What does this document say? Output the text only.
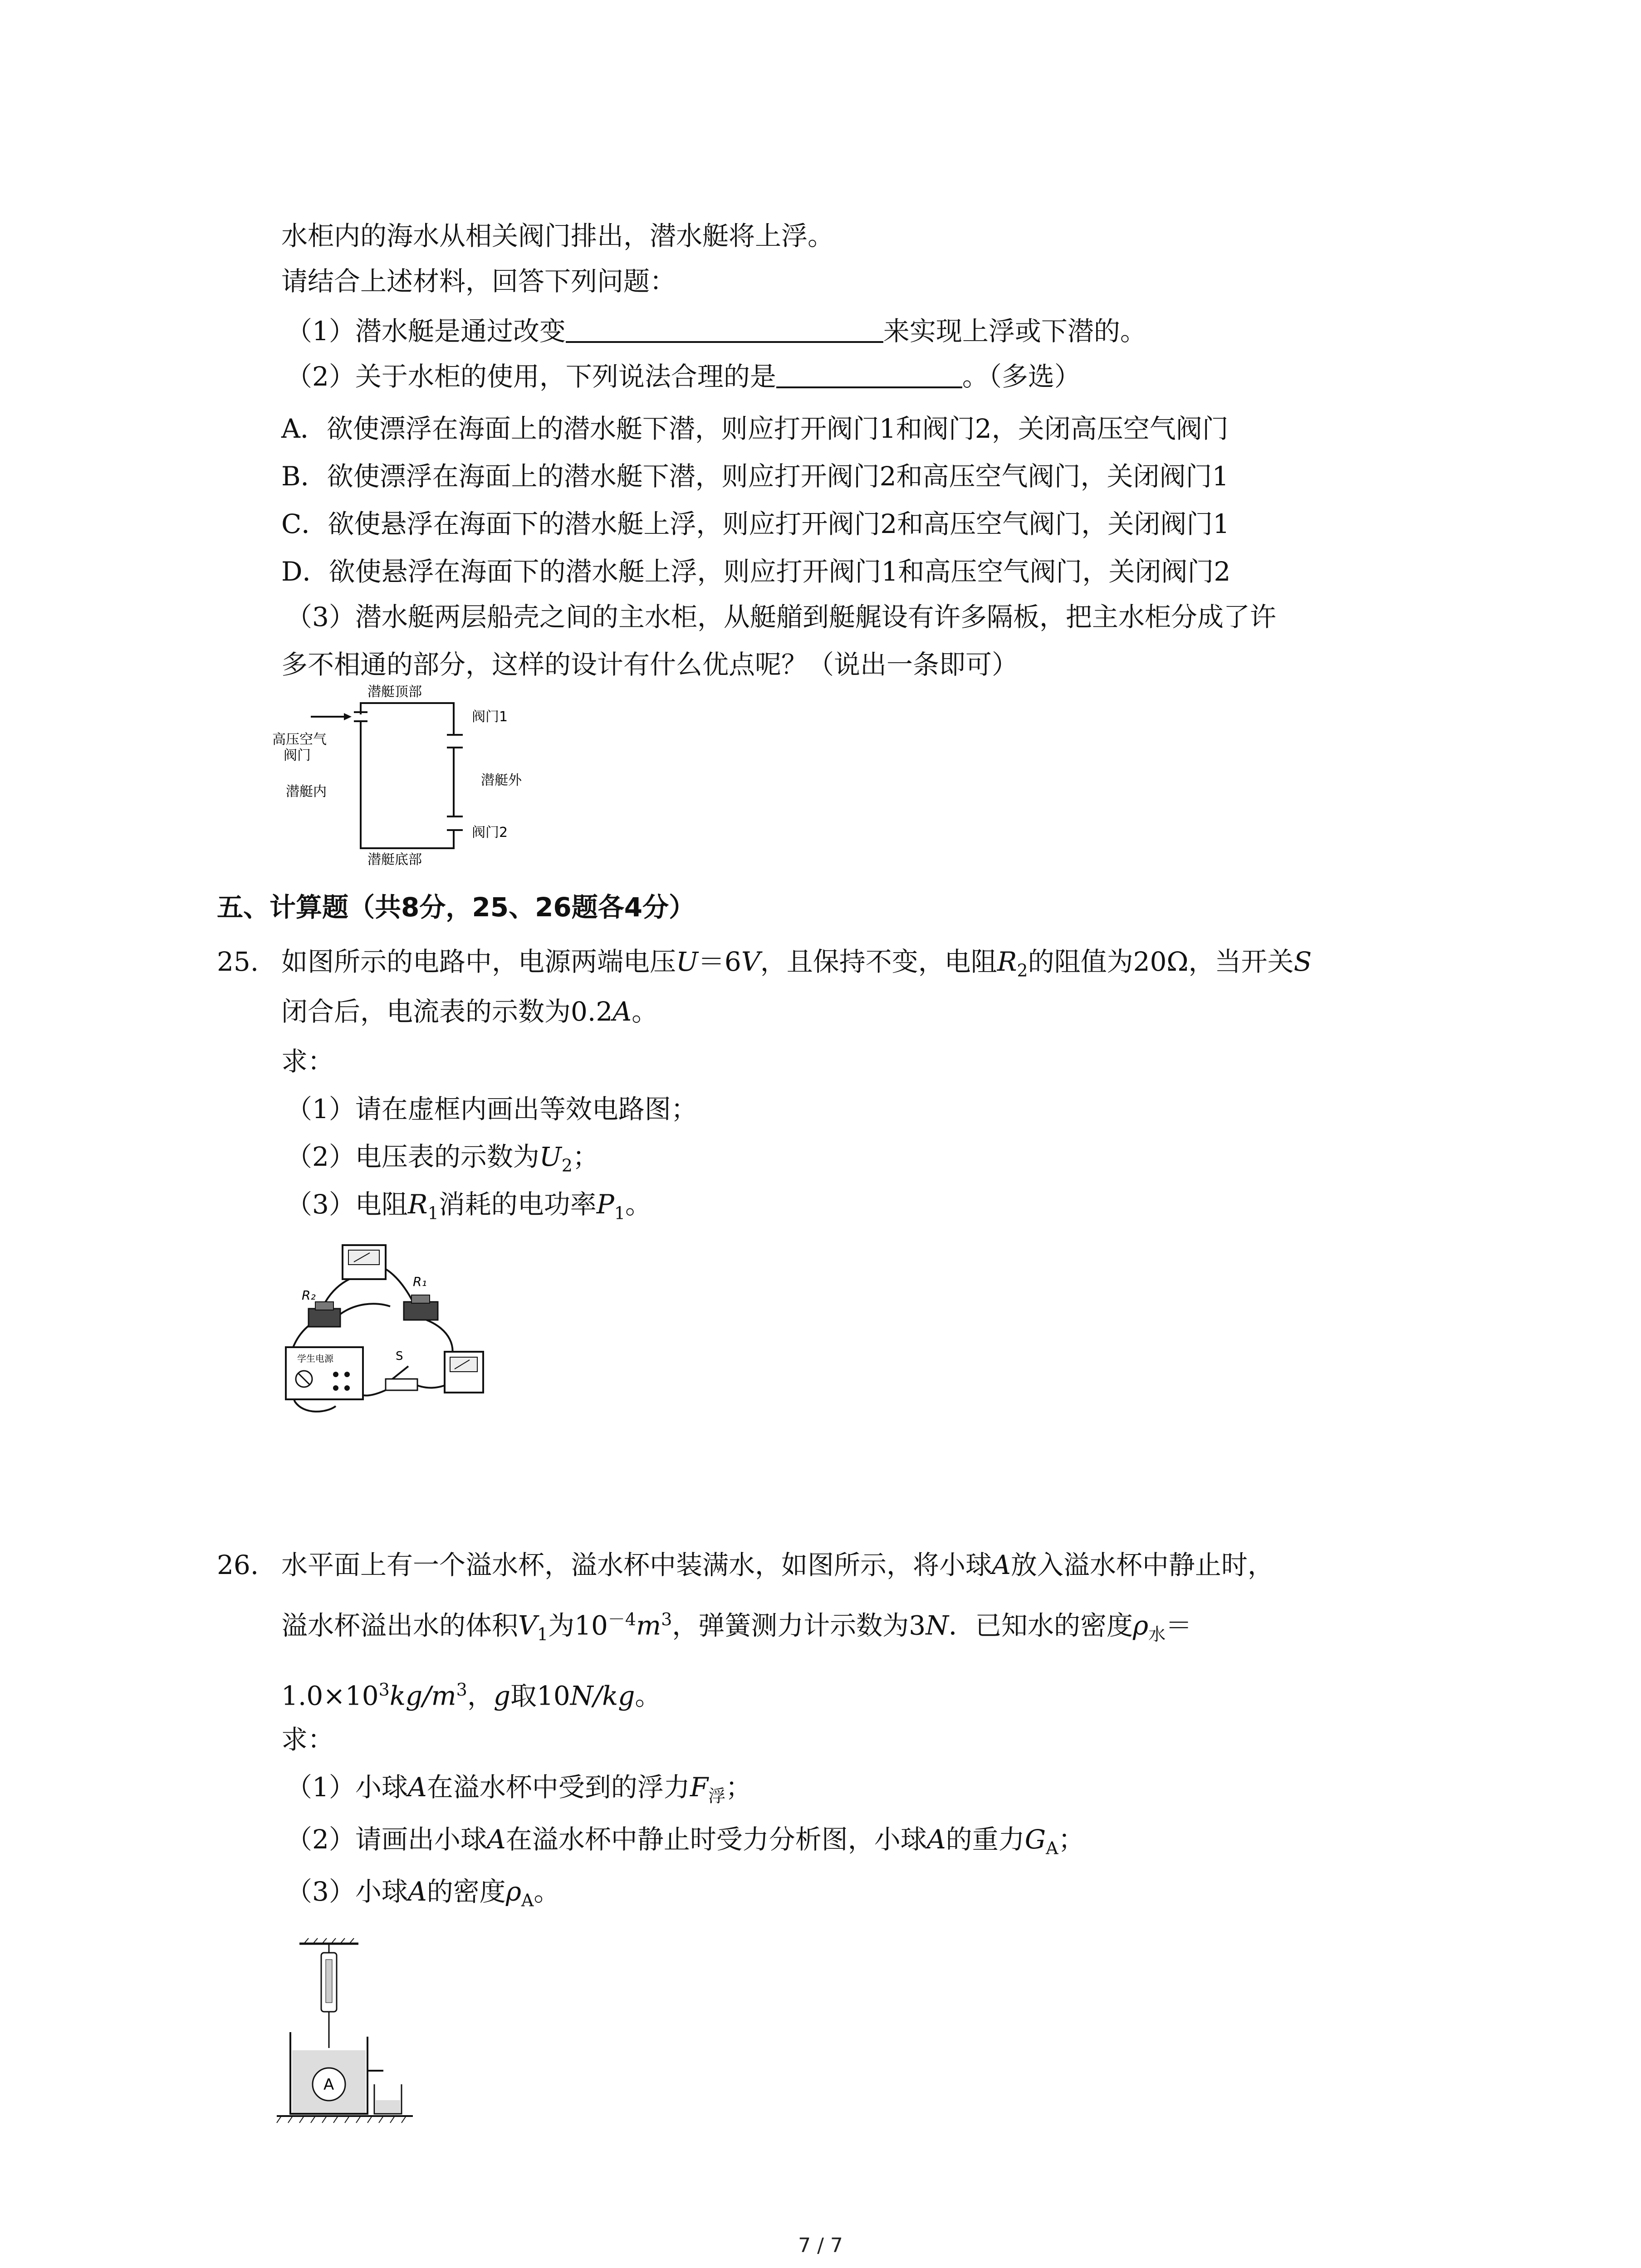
水柜内的海水从相关阀门排出，潜水艇将上浮。
请结合上述材料，回答下列问题：
（1）潜水艇是通过改变	来实现上浮或下潜的。
（2）关于水柜的使用，下列说法合理的是	。（多选）
A．欲使漂浮在海面上的潜水艇下潜，则应打开阀门1和阀门2，关闭高压空气阀门
B．欲使漂浮在海面上的潜水艇下潜，则应打开阀门2和高压空气阀门，关闭阀门1
C．欲使悬浮在海面下的潜水艇上浮，则应打开阀门2和高压空气阀门，关闭阀门1
D．欲使悬浮在海面下的潜水艇上浮，则应打开阀门1和高压空气阀门，关闭阀门2
（3）潜水艇两层船壳之间的主水柜，从艇艏到艇艉设有许多隔板，把主水柜分成了许
多不相通的部分，这样的设计有什么优点呢？（说出一条即可）
潜艇顶部
潜艇底部
阀门1
阀门2
高压空气
阀门
潜艇内
潜艇外
五、计算题（共8分，25、26题各4分）
25. 如图所示的电路中，电源两端电压U＝6V，且保持不变，电阻$R_2$的阻值为20Ω，当开关S
闭合后，电流表的示数为0.2A。
求：
（1）请在虚框内画出等效电路图；
（2）电压表的示数为$U_2$；
（3）电阻$R_1$消耗的电功率$P_1$。
R₂
R₁
学生电源	S
26. 水平面上有一个溢水杯，溢水杯中装满水，如图所示，将小球A放入溢水杯中静止时，
溢水杯溢出水的体积$V_1$为$10^{-4}m^3$，弹簧测力计示数为3N．已知水的密度$\rho_水=$
$1.0\times 10^3kg/m^3$，g取10N/kg。
求：
（1）小球A在溢水杯中受到的浮力$F_浮$；
（2）请画出小球A在溢水杯中静止时受力分析图，小球A的重力$G_A$；
（3）小球A的密度$\rho_A$。
A
7 / 7
